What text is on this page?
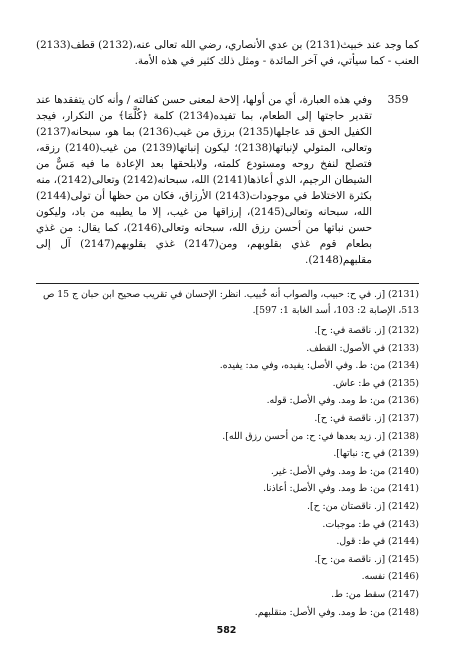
كما وجد عند خبيث(2131) بن عدي الأنصاري، رضي الله تعالى عنه،(2132) قطف(2133) العنب - كما سيأتي، في آخر المائدة - ومثل ذلك كثير في هذه الأمة.

359

وفي هذه العبارة، أي من أولها، إلاحة لمعنى حسن كفالته / وأنه كان يتفقدها عند تقدير حاجتها إلى الطعام، بما تفيده(2134) كلمة ﴿كُلَّمَا﴾ من التكرار، فيجد الكفيل الحق قد عاجلها(2135) برزق من غيب(2136) بما هو، سبحانه(2137) وتعالى، المتولي لإنباتها(2138)؛ ليكون إنباتها(2139) من غيب(2140) رزقه، فتصلح لنفخ روحه ومستودع كلمته، ولابلحقها بعد الإعادة ما فيه مَسٌّ من الشيطان الرجيم، الذي أعاذها(2141) الله، سبحانه(2142) وتعالى(2142)، منه بكثرة الاختلاط في موجودات(2143) الأرزاق، فكان من حظها أن تولى(2144) الله، سبحانه وتعالى(2145)، إرزاقها من غيب، إلا ما يطيبه من باد، وليكون حسن نباتها من أحسن رزق الله، سبحانه وتعالى(2146)، كما يقال: من غذي بطعام قوم غذي بقلوبهم، ومن(2147) غذي بقلوبهم(2147) آل إلى مقلبهم(2148).

(2131) [ز. في ح: حبيب، والصواب أنه خُبيب. انظر: الإحسان في تقريب صحيح ابن حبان ج 15 ص 513، الإصابة 2: 103، أسد الغابة 1: 597].
(2132) [ز. ناقصة في: ح].
(2133) في الأصول: القطف.
(2134) من: ط. وفي الأصل: يفيده، وفي مد: يفيده.
(2135) في ط: عاش.
(2136) من: ط ومد. وفي الأصل: قوله.
(2137) [ز. ناقصة في: ح].
(2138) [ز. زيد بعدها في: ح: من أحسن رزق الله].
(2139) في ح: نباتها].
(2140) من: ط ومد. وفي الأصل: غير.
(2141) من: ط ومد. وفي الأصل: أعاذنا.
(2142) [ز. ناقصتان من: ح].
(2143) في ط: موجبات.
(2144) في ط: قول.
(2145) [ز. ناقصة من: ح].
(2146) نفسه.
(2147) سقط من: ط.
(2148) من: ط ومد. وفي الأصل: منقلبهم.
582
